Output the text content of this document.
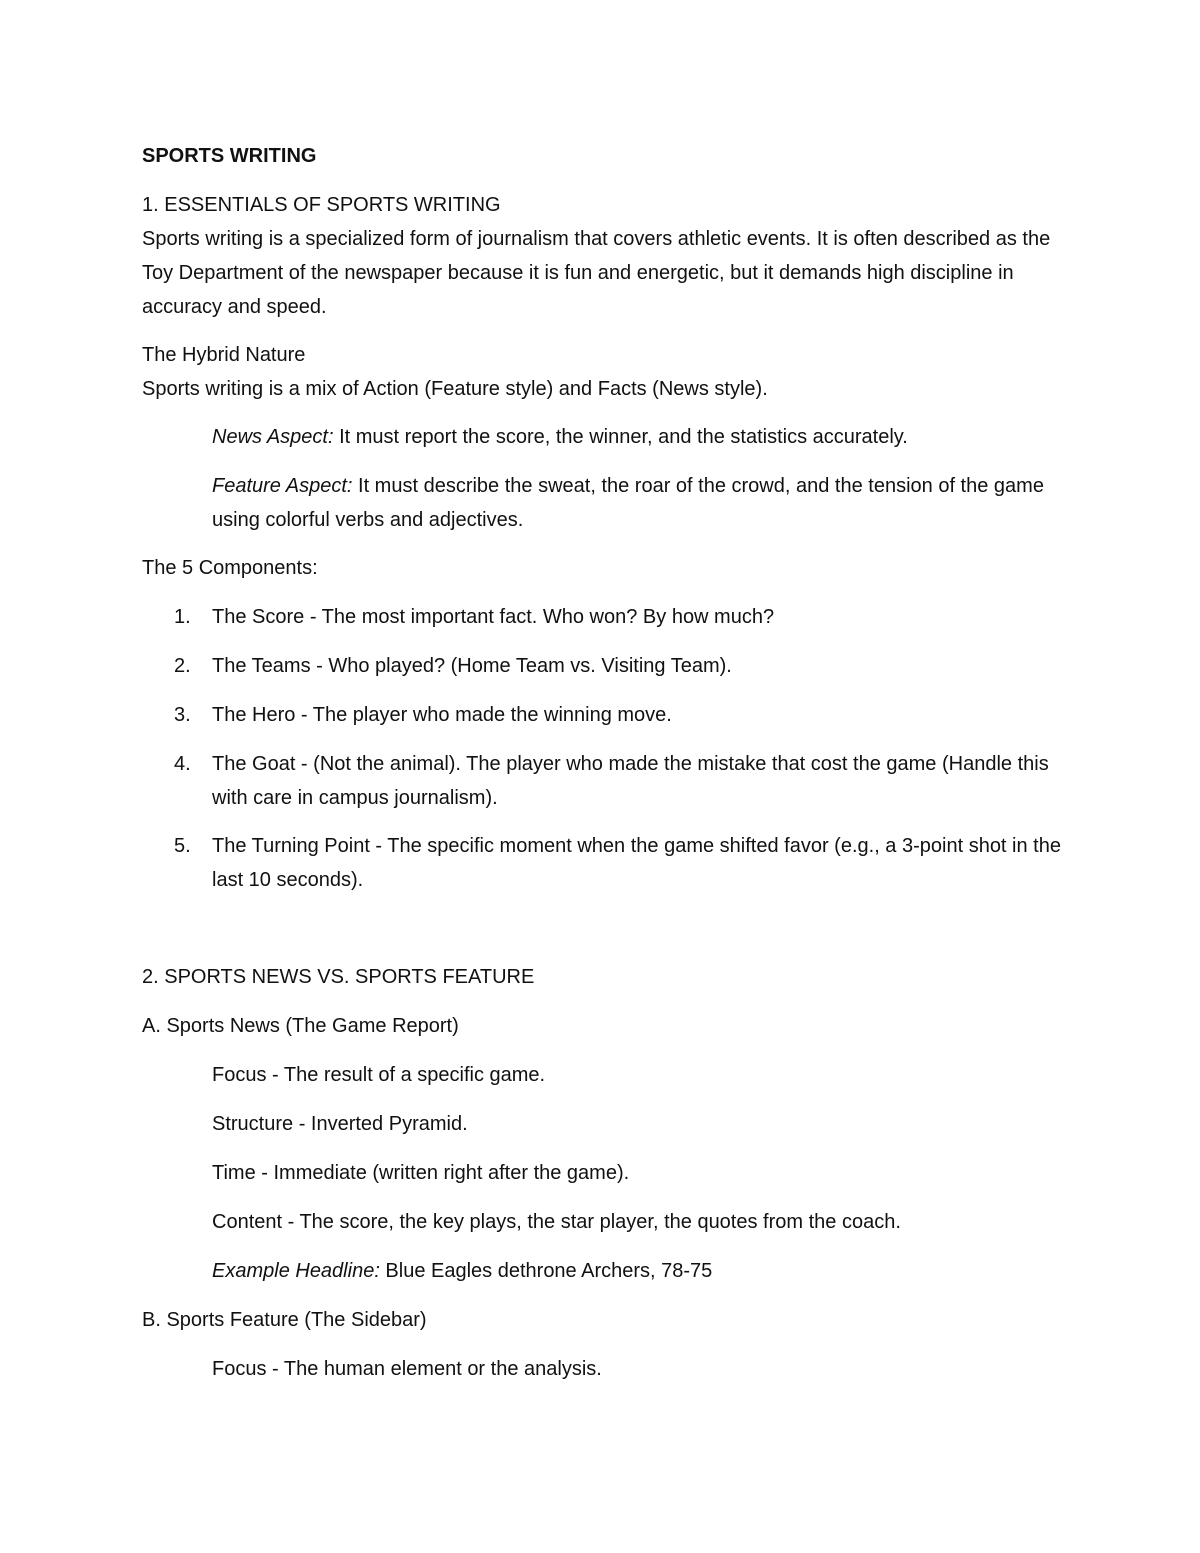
SPORTS WRITING

1. ESSENTIALS OF SPORTS WRITING

Sports writing is a specialized form of journalism that covers athletic events. It is often described as the Toy Department of the newspaper because it is fun and energetic, but it demands high discipline in accuracy and speed.

The Hybrid Nature

Sports writing is a mix of Action (Feature style) and Facts (News style).

News Aspect: It must report the score, the winner, and the statistics accurately.

Feature Aspect: It must describe the sweat, the roar of the crowd, and the tension of the game using colorful verbs and adjectives.

The 5 Components:

1. The Score - The most important fact. Who won? By how much?
2. The Teams - Who played? (Home Team vs. Visiting Team).
3. The Hero - The player who made the winning move.
4. The Goat - (Not the animal). The player who made the mistake that cost the game (Handle this with care in campus journalism).
5. The Turning Point - The specific moment when the game shifted favor (e.g., a 3-point shot in the last 10 seconds).

2. SPORTS NEWS VS. SPORTS FEATURE

A. Sports News (The Game Report)

Focus - The result of a specific game.

Structure - Inverted Pyramid.

Time - Immediate (written right after the game).

Content - The score, the key plays, the star player, the quotes from the coach.

Example Headline: Blue Eagles dethrone Archers, 78-75

B. Sports Feature (The Sidebar)

Focus - The human element or the analysis.
